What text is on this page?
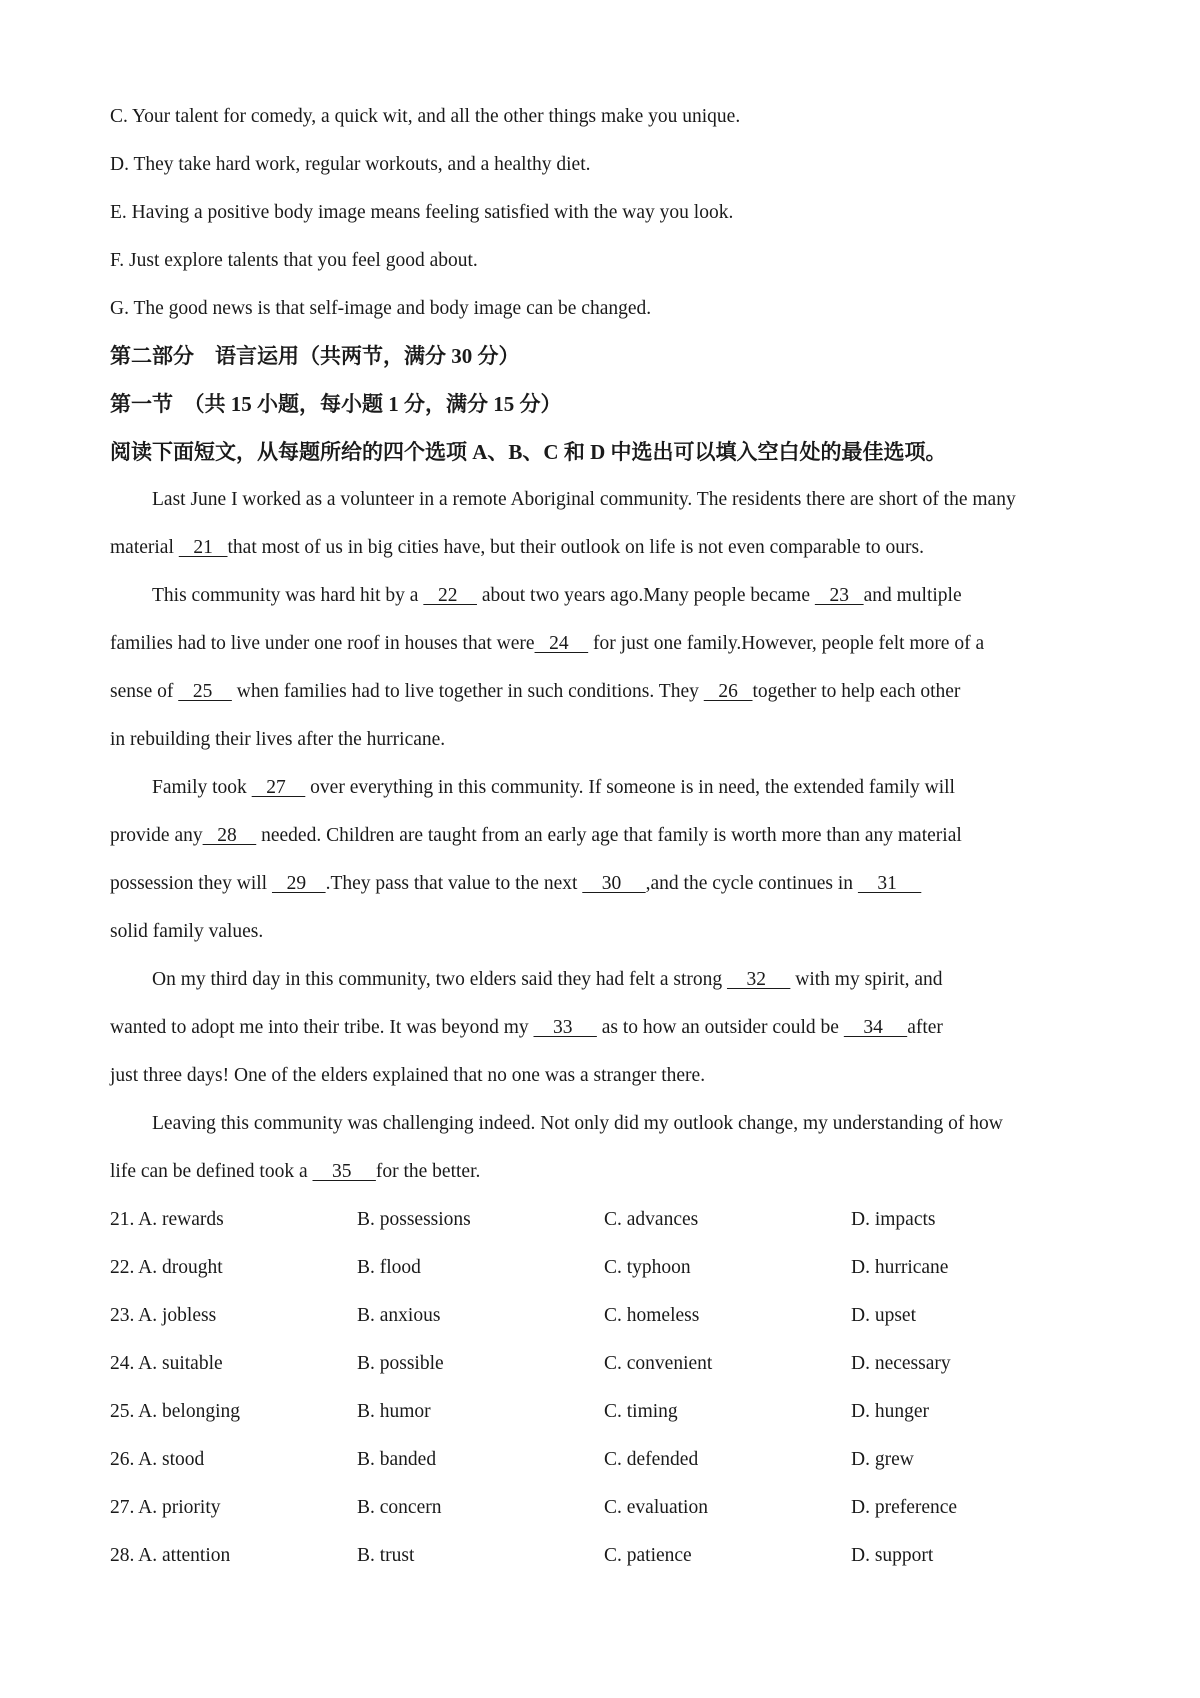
C. Your talent for comedy, a quick wit, and all the other things make you unique.
D. They take hard work, regular workouts, and a healthy diet.
E. Having a positive body image means feeling satisfied with the way you look.
F. Just explore talents that you feel good about.
G. The good news is that self-image and body image can be changed.
第二部分　语言运用（共两节，满分 30 分）
第一节　（共 15 小题，每小题 1 分，满分 15 分）
阅读下面短文，从每题所给的四个选项 A、B、C 和 D 中选出可以填入空白处的最佳选项。
Last June I worked as a volunteer in a remote Aboriginal community. The residents there are short of the many
material    21   that most of us in big cities have, but their outlook on life is not even comparable to ours.
This community was hard hit by a    22     about two years ago.Many people became    23   and multiple
families had to live under one roof in houses that were   24     for just one family.However, people felt more of a
sense of    25     when families had to live together in such conditions. They    26   together to help each other
in rebuilding their lives after the hurricane.
Family took    27     over everything in this community. If someone is in need, the extended family will
provide any   28     needed. Children are taught from an early age that family is worth more than any material
possession they will    29    .They pass that value to the next     30     ,and the cycle continues in     31
solid family values.
On my third day in this community, two elders said they had felt a strong     32      with my spirit, and
wanted to adopt me into their tribe. It was beyond my     33      as to how an outsider could be     34     after
just three days! One of the elders explained that no one was a stranger there.
Leaving this community was challenging indeed. Not only did my outlook change, my understanding of how
life can be defined took a     35     for the better.
21. A. rewards	B. possessions	C. advances	D. impacts
22. A. drought	B. flood	C. typhoon	D. hurricane
23. A. jobless	B. anxious	C. homeless	D. upset
24. A. suitable	B. possible	C. convenient	D. necessary
25. A. belonging	B. humor	C. timing	D. hunger
26. A. stood	B. banded	C. defended	D. grew
27. A. priority	B. concern	C. evaluation	D. preference
28. A. attention	B. trust	C. patience	D. support
